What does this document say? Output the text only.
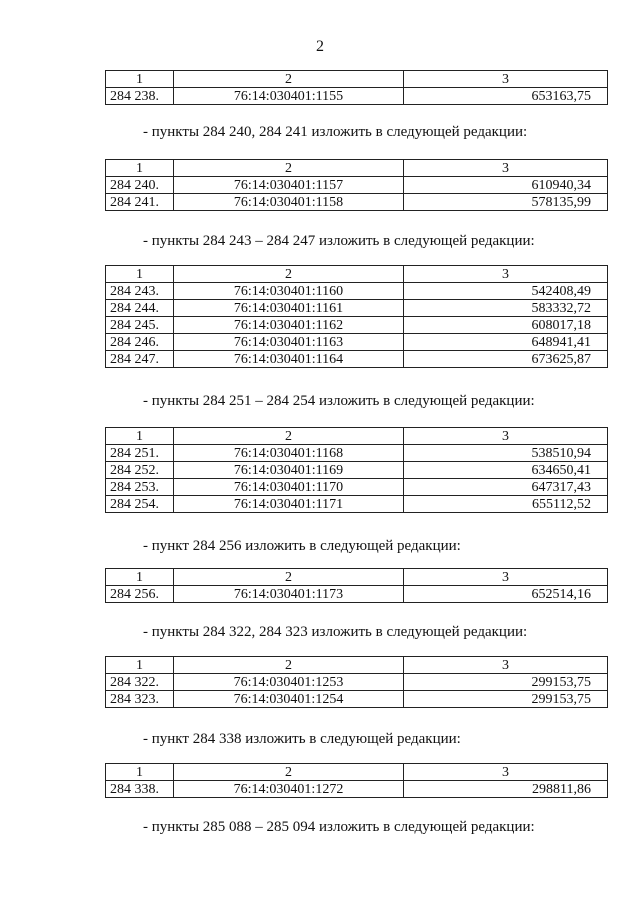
2
1	2	3
284 238.	76:14:030401:1155	653163,75
- пункты 284 240, 284 241 изложить в следующей редакции:
1	2	3
284 240.	76:14:030401:1157	610940,34
284 241.	76:14:030401:1158	578135,99
- пункты 284 243 – 284 247 изложить в следующей редакции:
1	2	3
284 243.	76:14:030401:1160	542408,49
284 244.	76:14:030401:1161	583332,72
284 245.	76:14:030401:1162	608017,18
284 246.	76:14:030401:1163	648941,41
284 247.	76:14:030401:1164	673625,87
- пункты 284 251 – 284 254 изложить в следующей редакции:
1	2	3
284 251.	76:14:030401:1168	538510,94
284 252.	76:14:030401:1169	634650,41
284 253.	76:14:030401:1170	647317,43
284 254.	76:14:030401:1171	655112,52
- пункт 284 256 изложить в следующей редакции:
1	2	3
284 256.	76:14:030401:1173	652514,16
- пункты 284 322, 284 323 изложить в следующей редакции:
1	2	3
284 322.	76:14:030401:1253	299153,75
284 323.	76:14:030401:1254	299153,75
- пункт 284 338 изложить в следующей редакции:
1	2	3
284 338.	76:14:030401:1272	298811,86
- пункты 285 088 – 285 094 изложить в следующей редакции:
